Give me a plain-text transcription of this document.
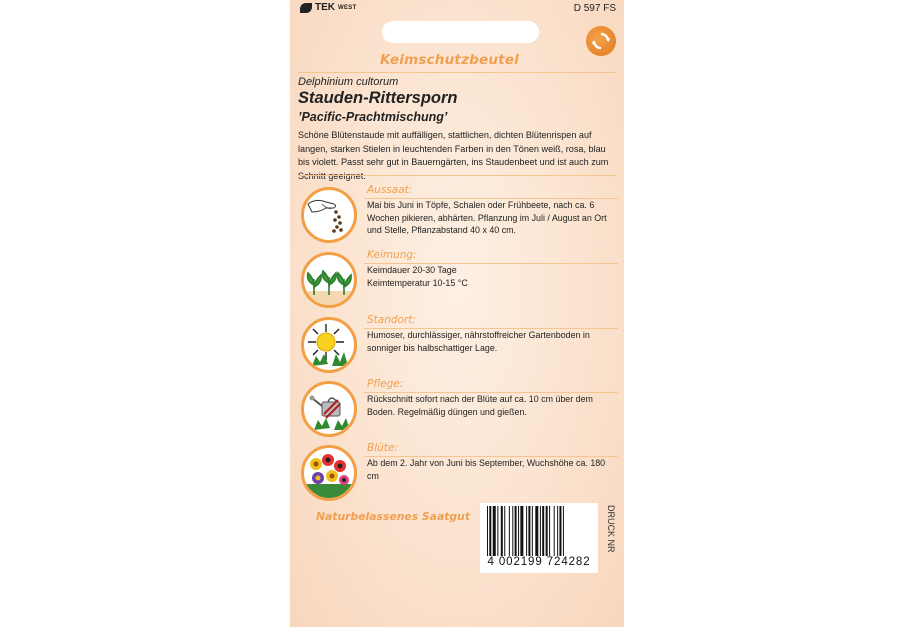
TEK WEST	D 597 FS
Keimschutzbeutel
Delphinium cultorum
Stauden-Rittersporn
’Pacific-Prachtmischung’
Schöne Blütenstaude mit auffälligen, stattlichen, dichten Blütenrispen auf langen, starken Stielen in leuchtenden Farben in den Tönen weiß, rosa, blau bis violett. Passt sehr gut in Bauerngärten, ins Staudenbeet und ist auch zum
Aussaat:
Mai bis Juni in Töpfe, Schalen oder Frühbeete, nach ca. 6 Wochen pikieren, abhärten. Pflanzung im Juli / August an Ort und Stelle, Pflanzabstand 40 x 40 cm.
Keimung:
Keimdauer 20-30 Tage
Keimtemperatur 10-15 °C
Standort:
Humoser, durchlässiger, nährstoffreicher Gartenboden in sonniger bis halbschattiger Lage.
Pflege:
Rückschnitt sofort nach der Blüte auf ca. 10 cm über dem Boden. Regelmäßig düngen und gießen.
Blüte:
Ab dem 2. Jahr von Juni bis September, Wuchshöhe ca. 180 cm
Naturbelassenes Saatgut
4 002199 724282
DRUCK NR
